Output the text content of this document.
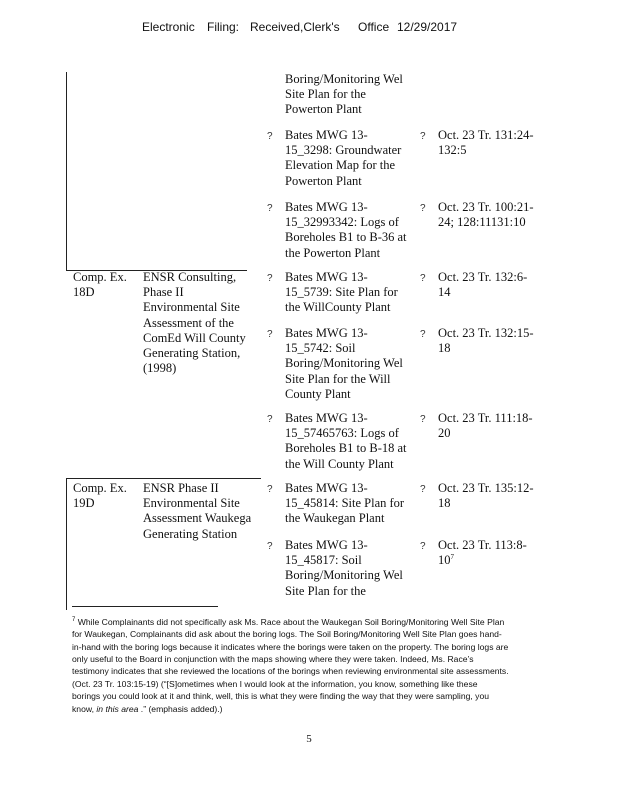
Electronic Filing: Received,Clerk's Office 12/29/2017
Boring/Monitoring Wel
Site Plan for the
Powerton Plant
? Bates MWG 13-
15_3298: Groundwater
Elevation Map for the
Powerton Plant
? Oct. 23 Tr. 131:24-
132:5
? Bates MWG 13-
15_32993342: Logs of
Boreholes B1 to B-36 at
the Powerton Plant
? Oct. 23 Tr. 100:21-
24; 128:11131:10
Comp. Ex.
18D
ENSR Consulting,
Phase II
Environmental Site
Assessment of the
ComEd Will County
Generating Station,
(1998)
? Bates MWG 13-
15_5739: Site Plan for
the WillCounty Plant
? Oct. 23 Tr. 132:6-
14
? Bates MWG 13-
15_5742: Soil
Boring/Monitoring Wel
Site Plan for the Will
County Plant
? Oct. 23 Tr. 132:15-
18
? Bates MWG 13-
15_57465763: Logs of
Boreholes B1 to B-18 at
the Will County Plant
? Oct. 23 Tr. 111:18-
20
Comp. Ex.
19D
ENSR Phase II
Environmental Site
Assessment Waukega
Generating Station
? Bates MWG 13-
15_45814: Site Plan for
the Waukegan Plant
? Oct. 23 Tr. 135:12-
18
? Bates MWG 13-
15_45817: Soil
Boring/Monitoring Wel
Site Plan for the
? Oct. 23 Tr. 113:8-
10$^7$
$^7$ While Complainants did not specifically ask Ms. Race about the Waukegan Soil Boring/Monitoring Well Site Plan
for Waukegan, Complainants did ask about the boring logs. The Soil Boring/Monitoring Well Site Plan goes hand-
in-hand with the boring logs because it indicates where the borings were taken on the property. The boring logs are
only useful to the Board in conjunction with the maps showing where they were taken. Indeed, Ms. Race’s
testimony indicates that she reviewed the locations of the borings when reviewing environmental site assessments.
(Oct. 23 Tr. 103:15-19) (“[S]ometimes when I would look at the information, you know, something like these
borings you could look at it and think, well, this is what they were finding the way that they were sampling, you
know, in this area .” (emphasis added).)
5
